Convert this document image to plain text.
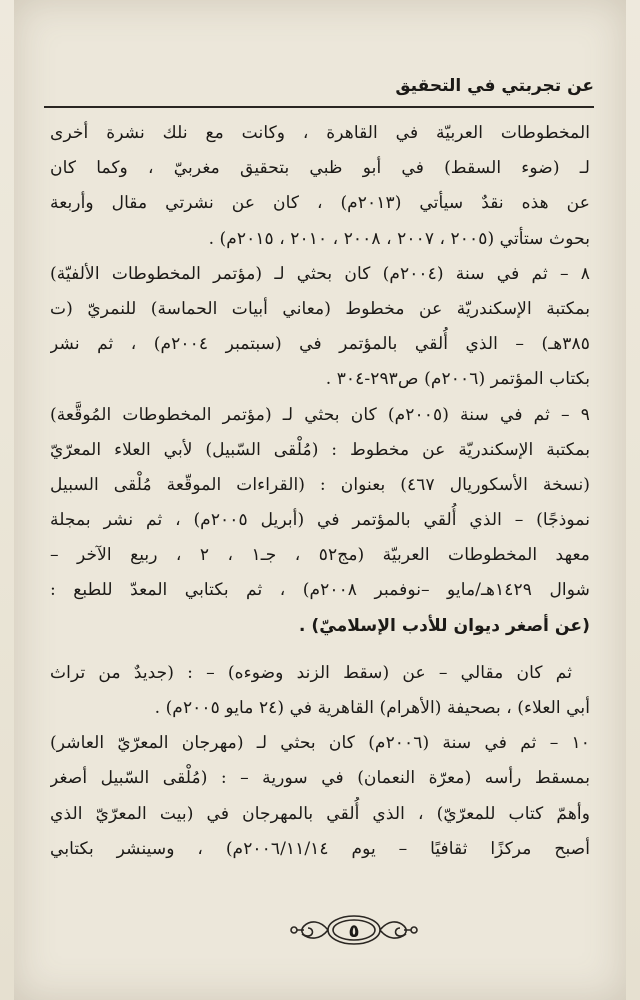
عن تجربتي في التحقيق
المخطوطات العربيّة في القاهرة ، وكانت مع نلك نشرة أخرى
لـ (ضوء السقط) في أبو ظبي بتحقيق مغربيّ ، وكما كان
عن هذه نقدٌ سيأتي (٢٠١٣م) ، كان عن نشرتي مقال وأربعة
بحوث ستأتي (٢٠٠٥ ، ٢٠٠٧ ، ٢٠٠٨ ، ٢٠١٠ ، ٢٠١٥م) .
٨ – ثم في سنة (٢٠٠٤م) كان بحثي لـ (مؤتمر المخطوطات الألفيّة)
بمكتبة الإسكندريّة عن مخطوط (معاني أبيات الحماسة) للنمريّ (ت
٣٨٥هـ) – الذي أُلقي بالمؤتمر في (سبتمبر ٢٠٠٤م) ، ثم نشر
بكتاب المؤتمر (٢٠٠٦م) ص٢٩٣-٣٠٤ .
٩ – ثم في سنة (٢٠٠٥م) كان بحثي لـ (مؤتمر المخطوطات المُوقَّعة)
بمكتبة الإسكندريّة عن مخطوط : (مُلْقى السّبيل) لأبي العلاء المعرّيّ
(نسخة الأسكوريال ٤٦٧) بعنوان : (القراءات الموقّعة مُلْقى السبيل
نموذجًا) – الذي أُلقي بالمؤتمر في (أبريل ٢٠٠٥م) ، ثم نشر بمجلة
معهد المخطوطات العربيّة (مج٥٢ ، جـ١ ، ٢ ، ربيع الآخر –
شوال ١٤٢٩هـ/مايو –نوفمبر ٢٠٠٨م) ، ثم بكتابي المعدّ للطبع :
(عن أصغر ديوان للأدب الإسلاميّ) .
ثم كان مقالي – عن (سقط الزند وضوءه) – : (جديدٌ من تراث
أبي العلاء) ، بصحيفة (الأهرام) القاهرية في (٢٤ مايو ٢٠٠٥م) .
١٠ – ثم في سنة (٢٠٠٦م) كان بحثي لـ (مهرجان المعرّيّ العاشر)
بمسقط رأسه (معرّة النعمان) في سورية – : (مُلْقى السّبيل أصغر
وأهمّ كتاب للمعرّيّ) ، الذي أُلقي بالمهرجان في (بيت المعرّيّ الذي
أصبح مركزًا ثقافيًا – يوم ٢٠٠٦/١١/١٤م) ، وسينشر بكتابي
٥
